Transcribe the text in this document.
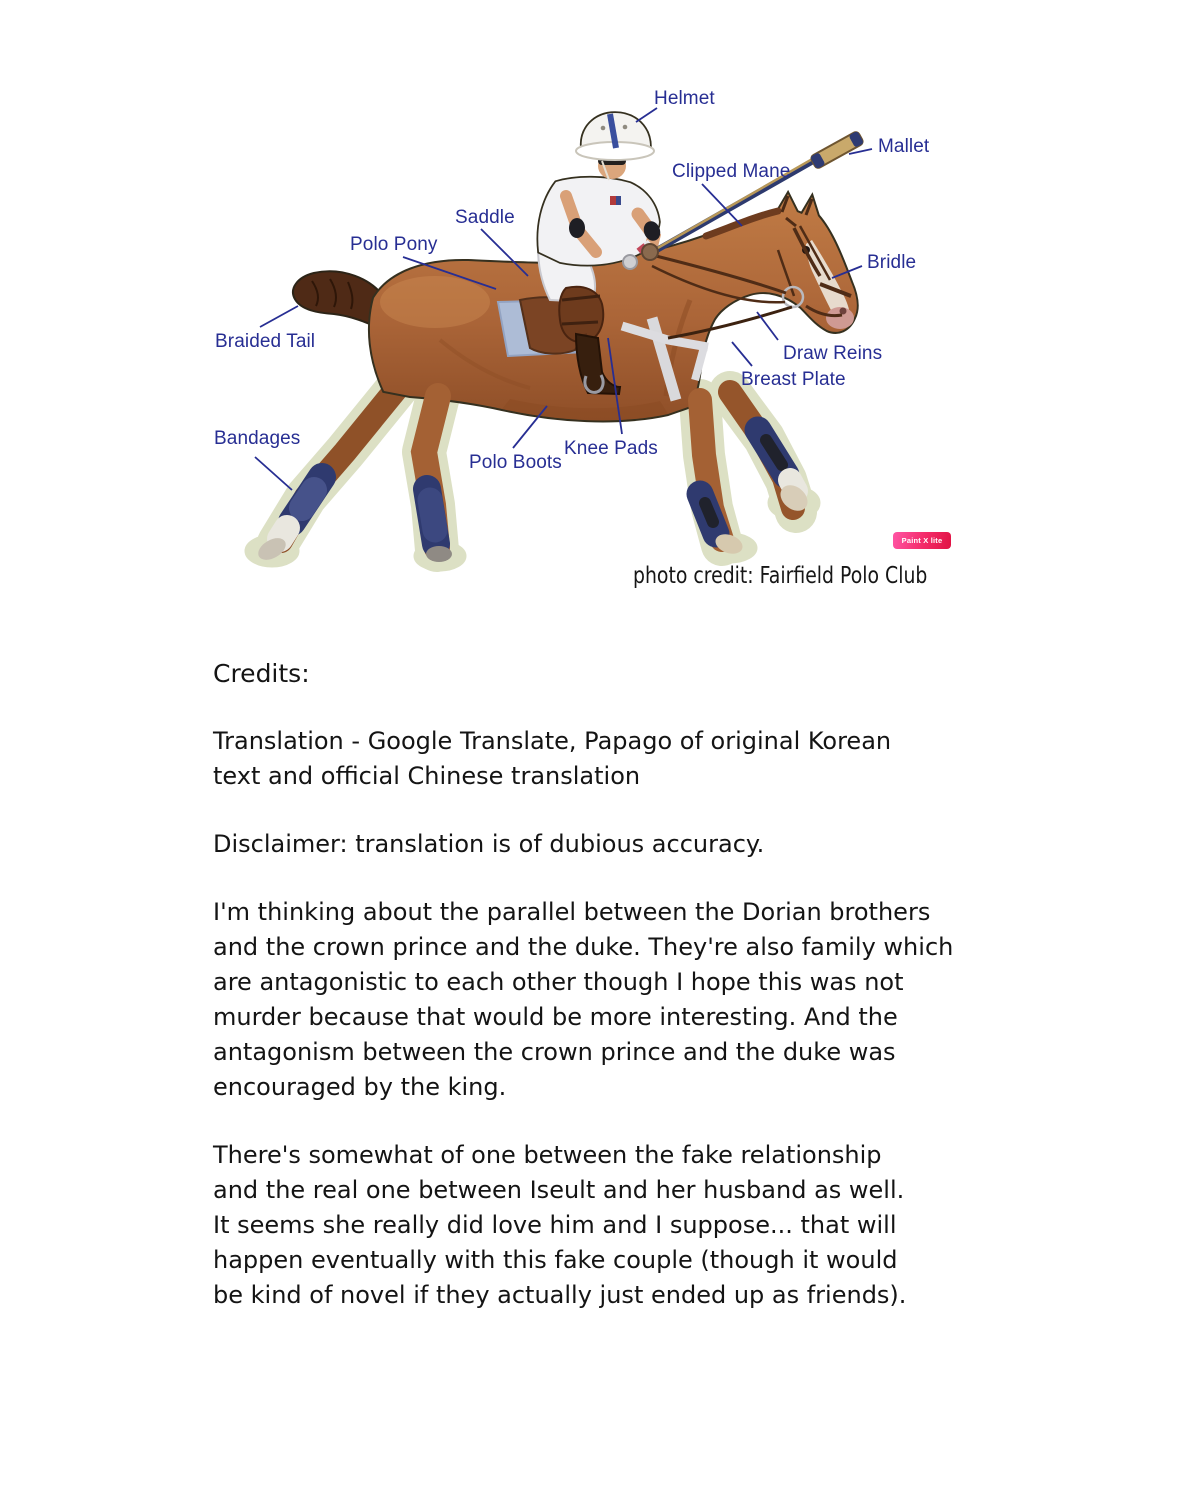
Helmet
Mallet
Clipped Mane
Saddle
Polo Pony
Bridle
Braided Tail
Draw Reins
Breast Plate
Bandages
Polo Boots
Knee Pads
Paint X lite
photo credit: Fairfield Polo Club
Credits:
Translation - Google Translate, Papago of original Korean
text and official Chinese translation
Disclaimer: translation is of dubious accuracy.
I'm thinking about the parallel between the Dorian brothers
and the crown prince and the duke. They're also family which
are antagonistic to each other though I hope this was not
murder because that would be more interesting. And the
antagonism between the crown prince and the duke was
encouraged by the king.
There's somewhat of one between the fake relationship
and the real one between Iseult and her husband as well.
It seems she really did love him and I suppose... that will
happen eventually with this fake couple (though it would
be kind of novel if they actually just ended up as friends).
